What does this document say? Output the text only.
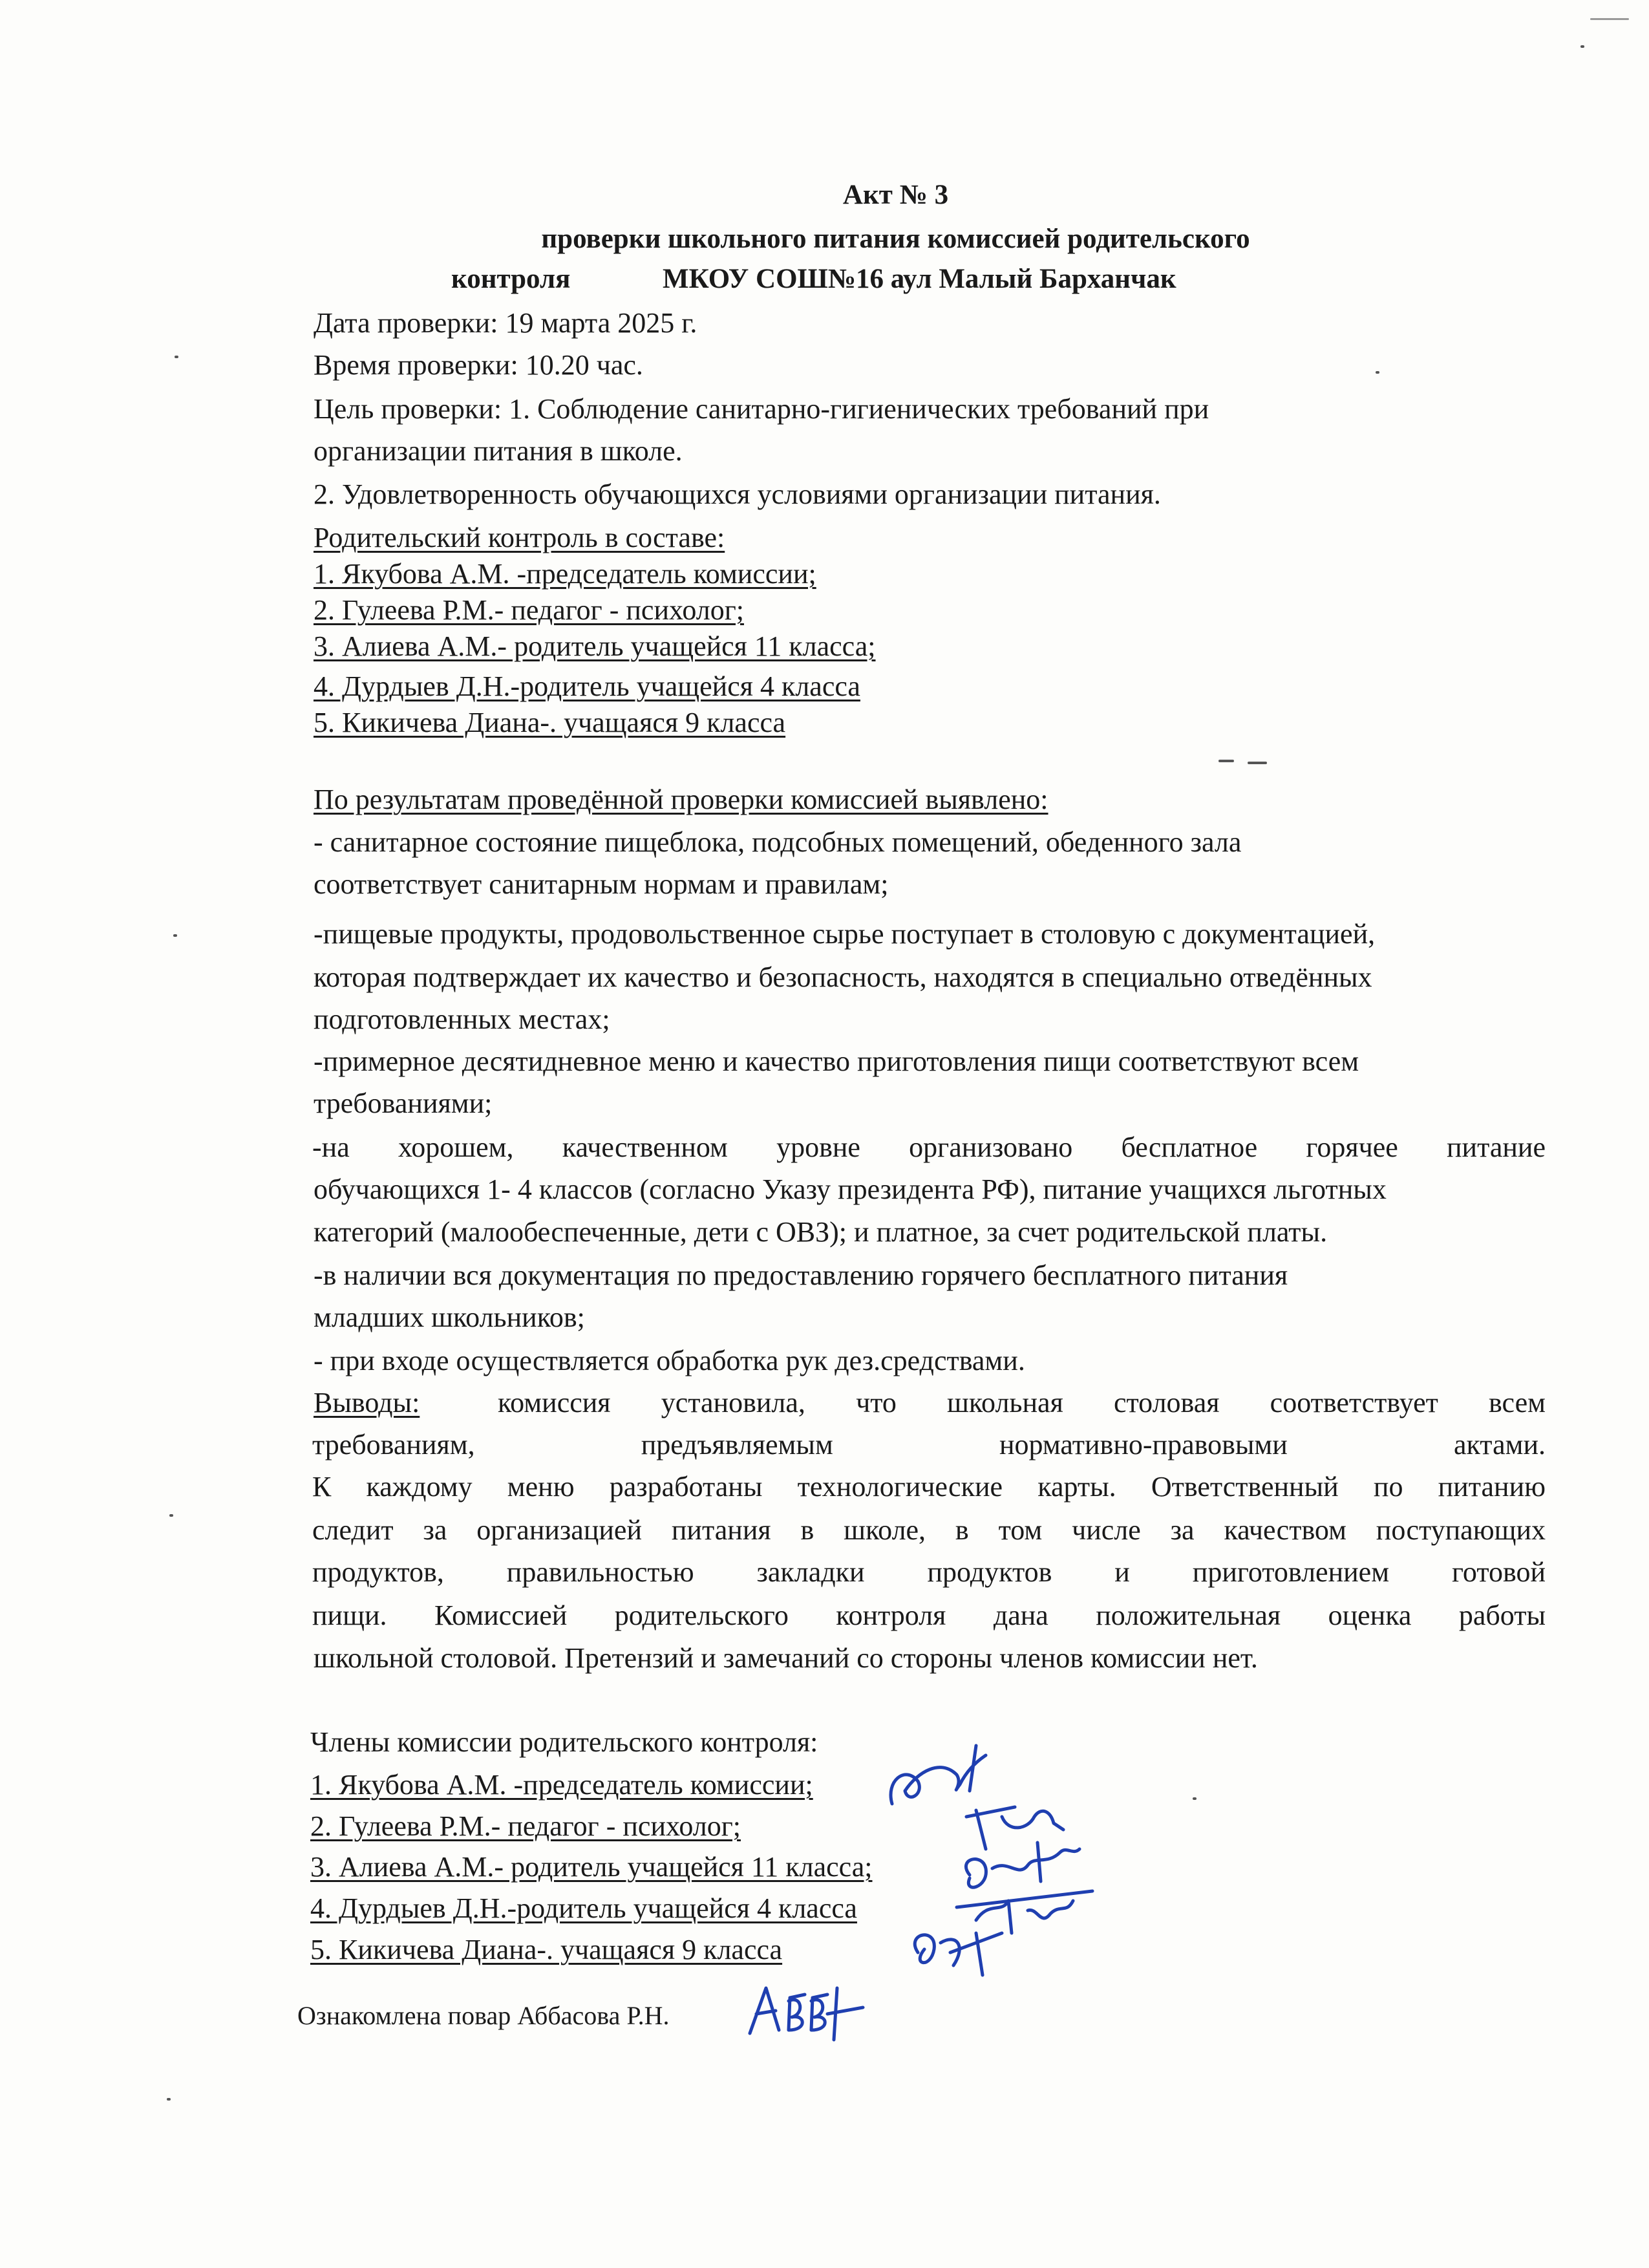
Акт № 3
проверки школьного питания комиссией родительского
контроля	МКОУ СОШ№16 аул Малый Барханчак
Дата проверки: 19 марта 2025 г.
Время проверки: 10.20 час.
Цель проверки: 1. Соблюдение санитарно-гигиенических требований при
организации питания в школе.
2. Удовлетворенность обучающихся условиями организации питания.
Родительский контроль в составе:
1. Якубова А.М. -председатель комиссии;
2. Гулеева Р.М.- педагог - психолог;
3. Алиева А.М.- родитель учащейся 11 класса;
4. Дурдыев Д.Н.-родитель учащейся 4 класса
5. Кикичева Диана-. учащаяся 9 класса
По результатам проведённой проверки комиссией выявлено:
- санитарное состояние пищеблока, подсобных помещений, обеденного зала
соответствует санитарным нормам и правилам;
-пищевые продукты, продовольственное сырье поступает в столовую с документацией,
которая подтверждает их качество и безопасность, находятся в специально отведённых
подготовленных местах;
-примерное десятидневное меню и качество приготовления пищи соответствуют всем
требованиями;
-на хорошем, качественном уровне организовано бесплатное горячее питание
обучающихся 1- 4 классов (согласно Указу президента РФ), питание учащихся льготных
категорий (малообеспеченные, дети с ОВЗ); и платное, за счет родительской платы.
-в наличии вся документация по предоставлению горячего бесплатного питания
младших школьников;
- при входе осуществляется обработка рук дез.средствами.
Выводы:	комиссия установила, что школьная столовая соответствует всем
требованиям, предъявляемым нормативно-правовыми актами.
К каждому меню разработаны технологические карты. Ответственный по питанию
следит за организацией питания в школе, в том числе за качеством поступающих
продуктов, правильностью закладки продуктов и приготовлением готовой
пищи. Комиссией родительского контроля дана положительная оценка работы
школьной столовой. Претензий и замечаний со стороны членов комиссии нет.
Члены комиссии родительского контроля:
1. Якубова А.М. -председатель комиссии;
2. Гулеева Р.М.- педагог - психолог;
3. Алиева А.М.- родитель учащейся 11 класса;
4. Дурдыев Д.Н.-родитель учащейся 4 класса
5. Кикичева Диана-. учащаяся 9 класса
Ознакомлена повар Аббасова Р.Н.
